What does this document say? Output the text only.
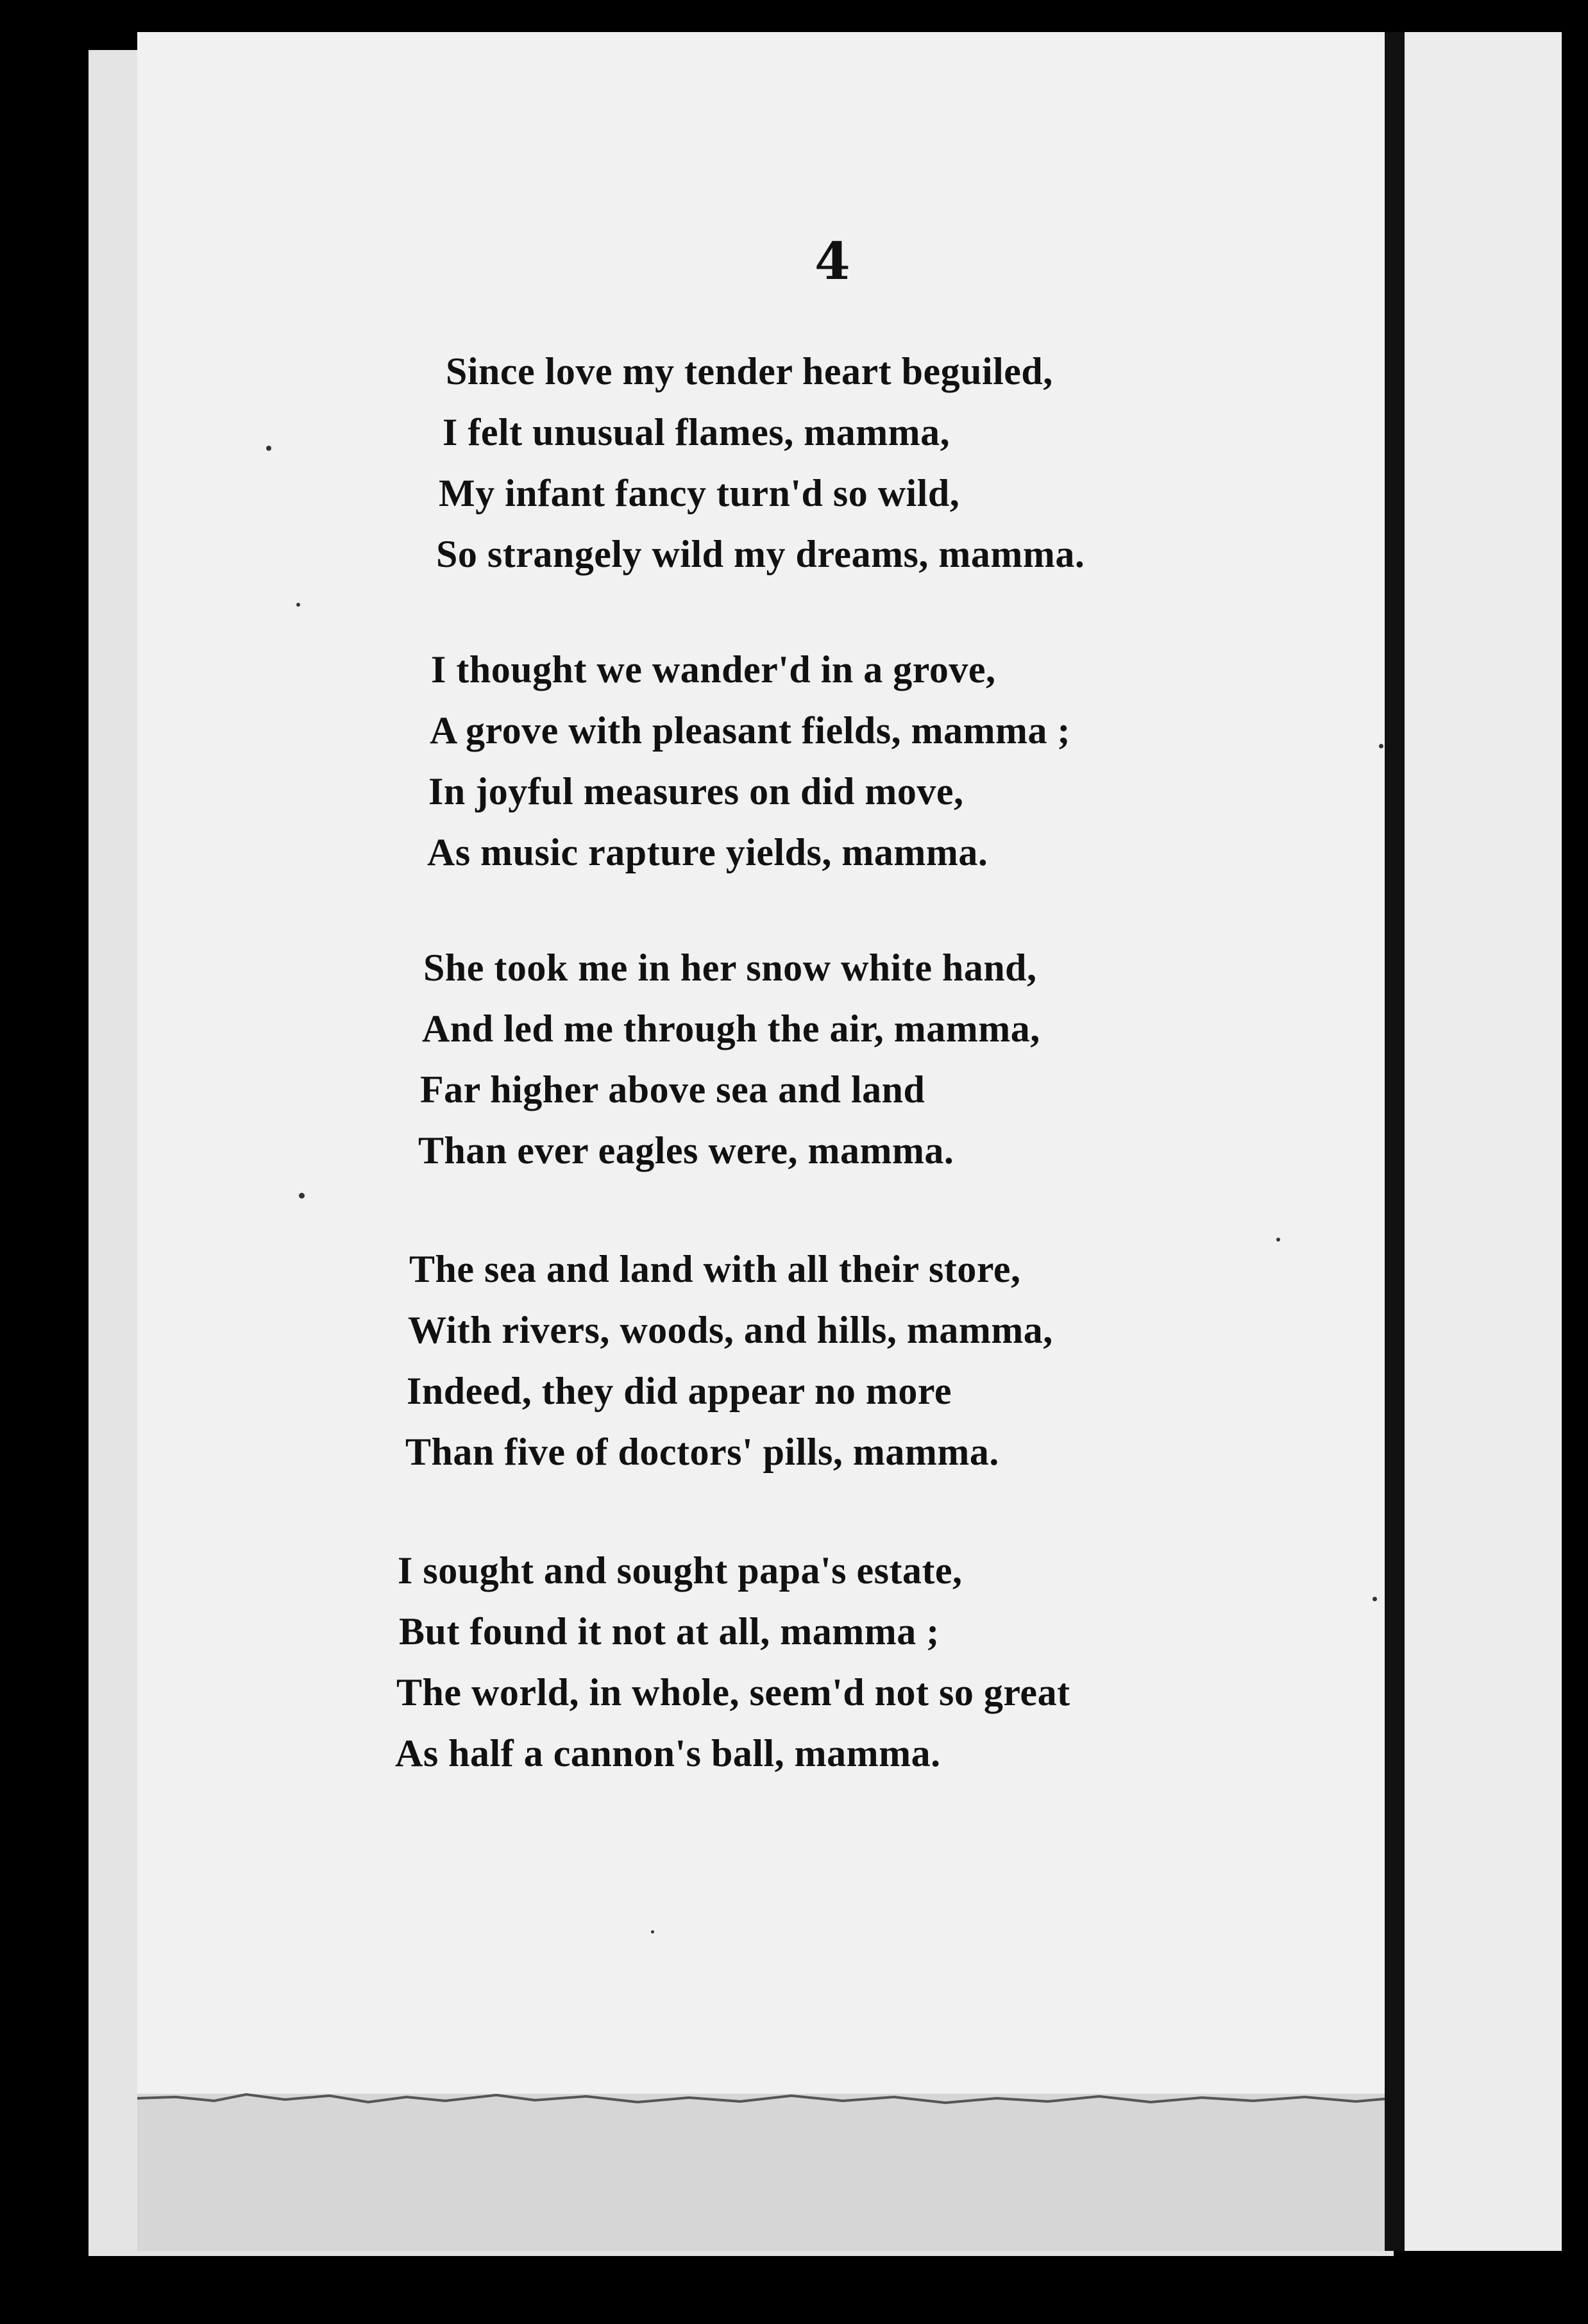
4
Since love my tender heart beguiled,
I felt unusual flames, mamma,
My infant fancy turn'd so wild,
So strangely wild my dreams, mamma.
I thought we wander'd in a grove,
A grove with pleasant fields, mamma ;
In joyful measures on did move,
As music rapture yields, mamma.
She took me in her snow white hand,
And led me through the air, mamma,
Far higher above sea and land
Than ever eagles were, mamma.
The sea and land with all their store,
With rivers, woods, and hills, mamma,
Indeed, they did appear no more
Than five of doctors' pills, mamma.
I sought and sought papa's estate,
But found it not at all, mamma ;
The world, in whole, seem'd not so great
As half a cannon's ball, mamma.
